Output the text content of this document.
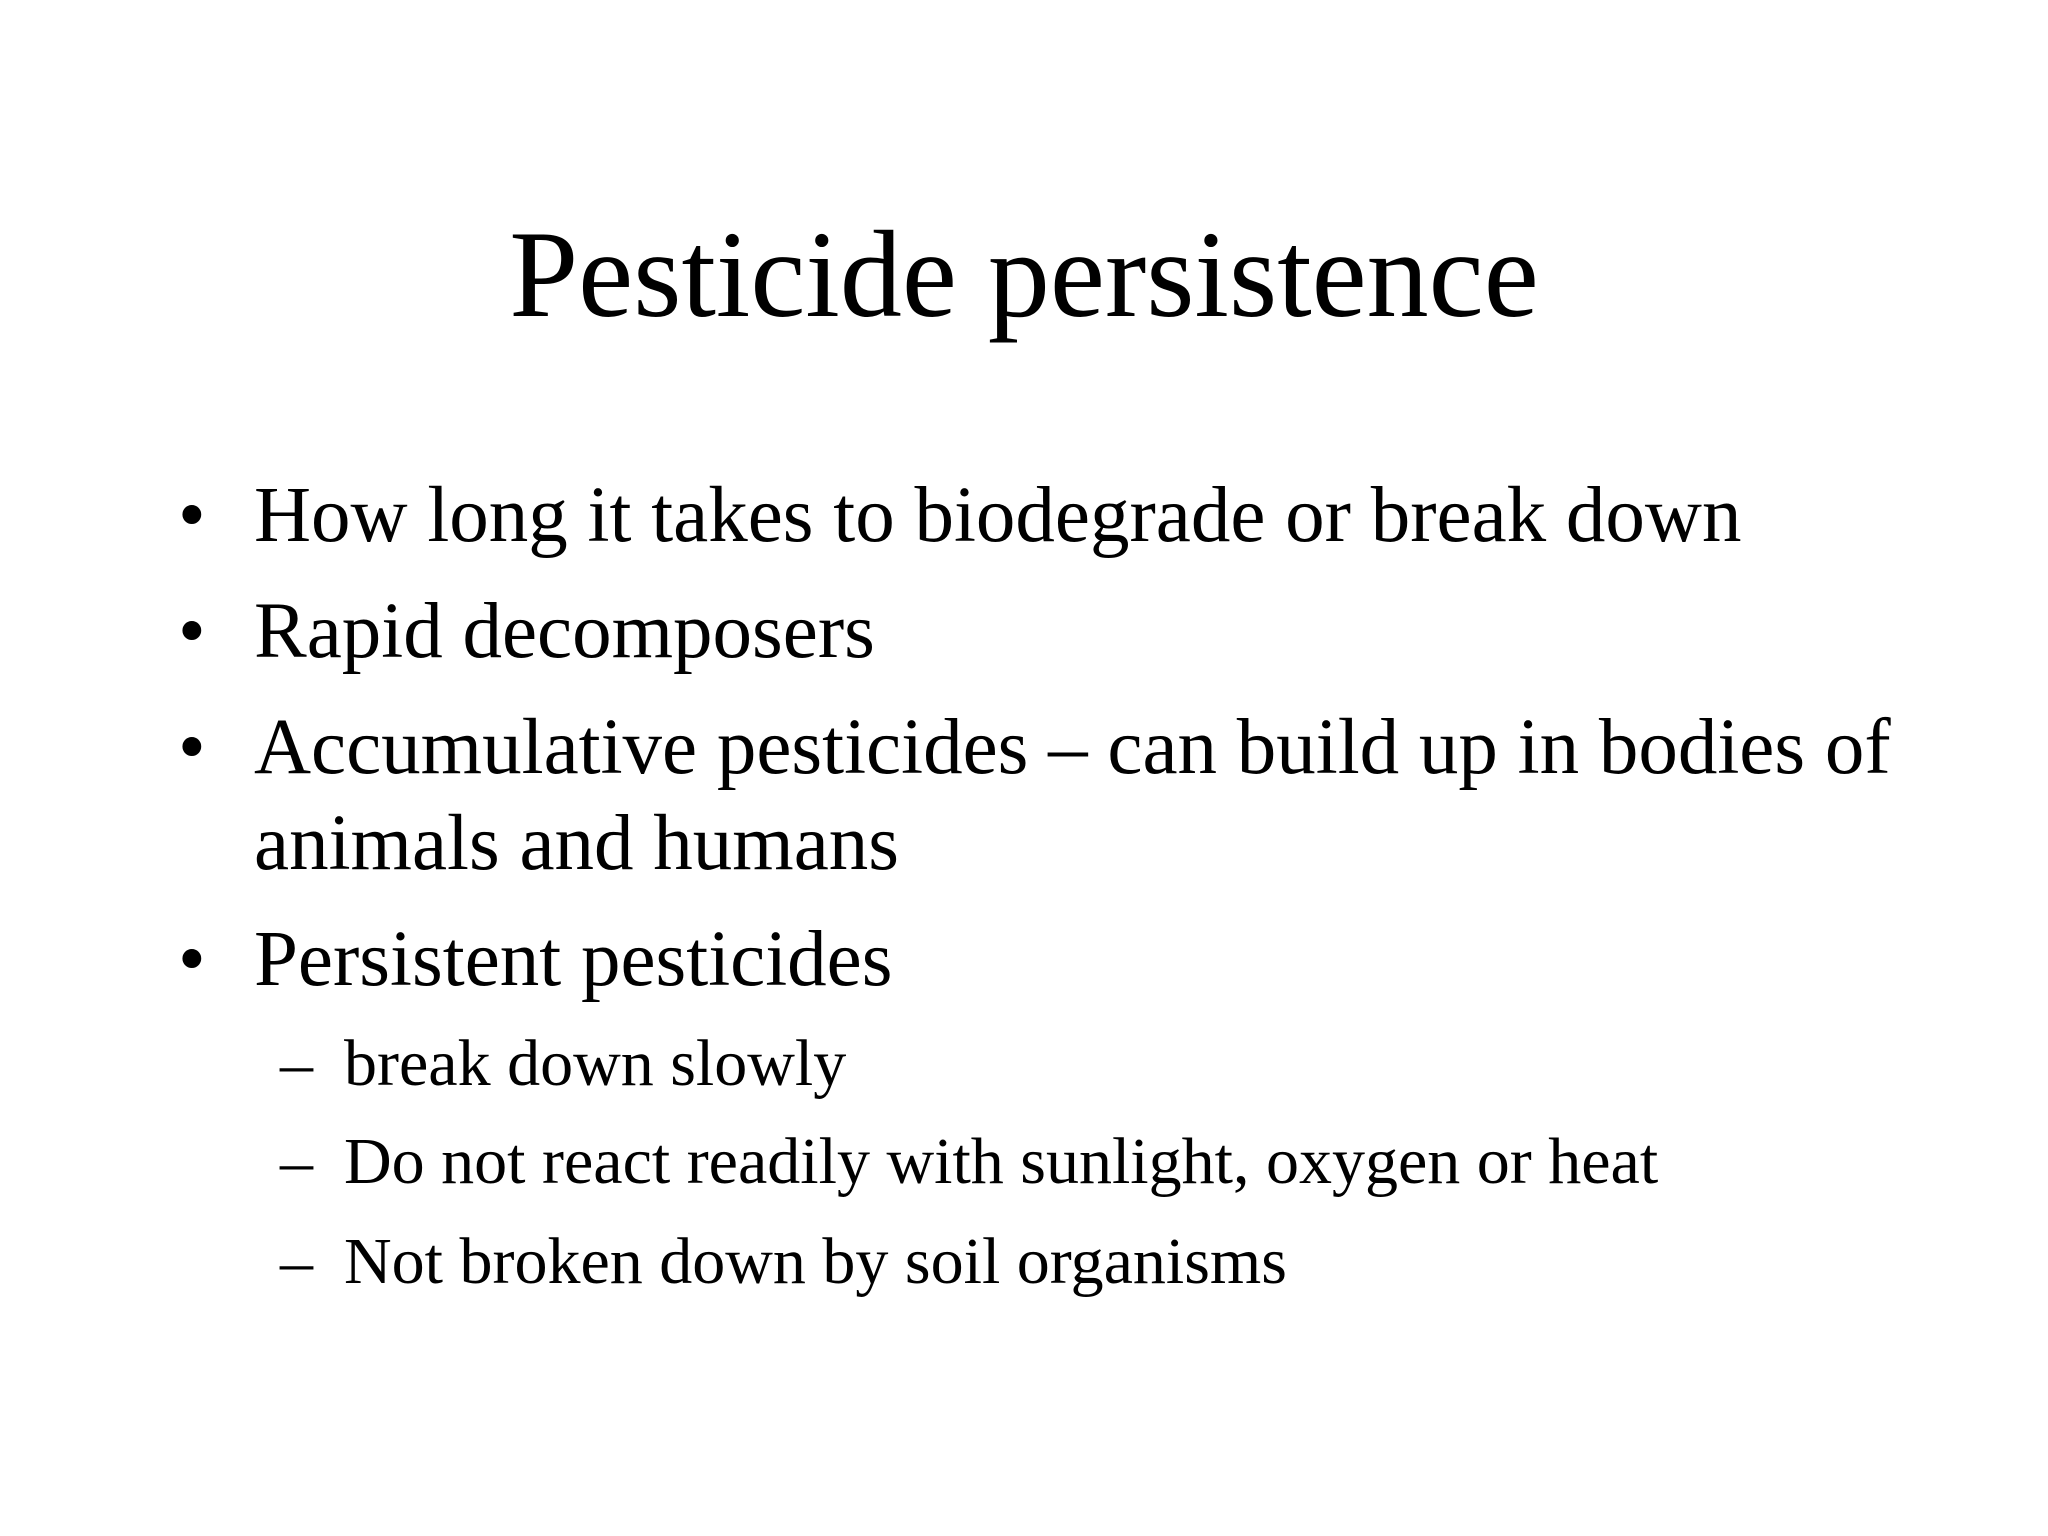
Pesticide persistence
• How long it takes to biodegrade or break down
• Rapid decomposers
• Accumulative pesticides – can build up in bodies of
animals and humans
• Persistent pesticides
– break down slowly
– Do not react readily with sunlight, oxygen or heat
– Not broken down by soil organisms
